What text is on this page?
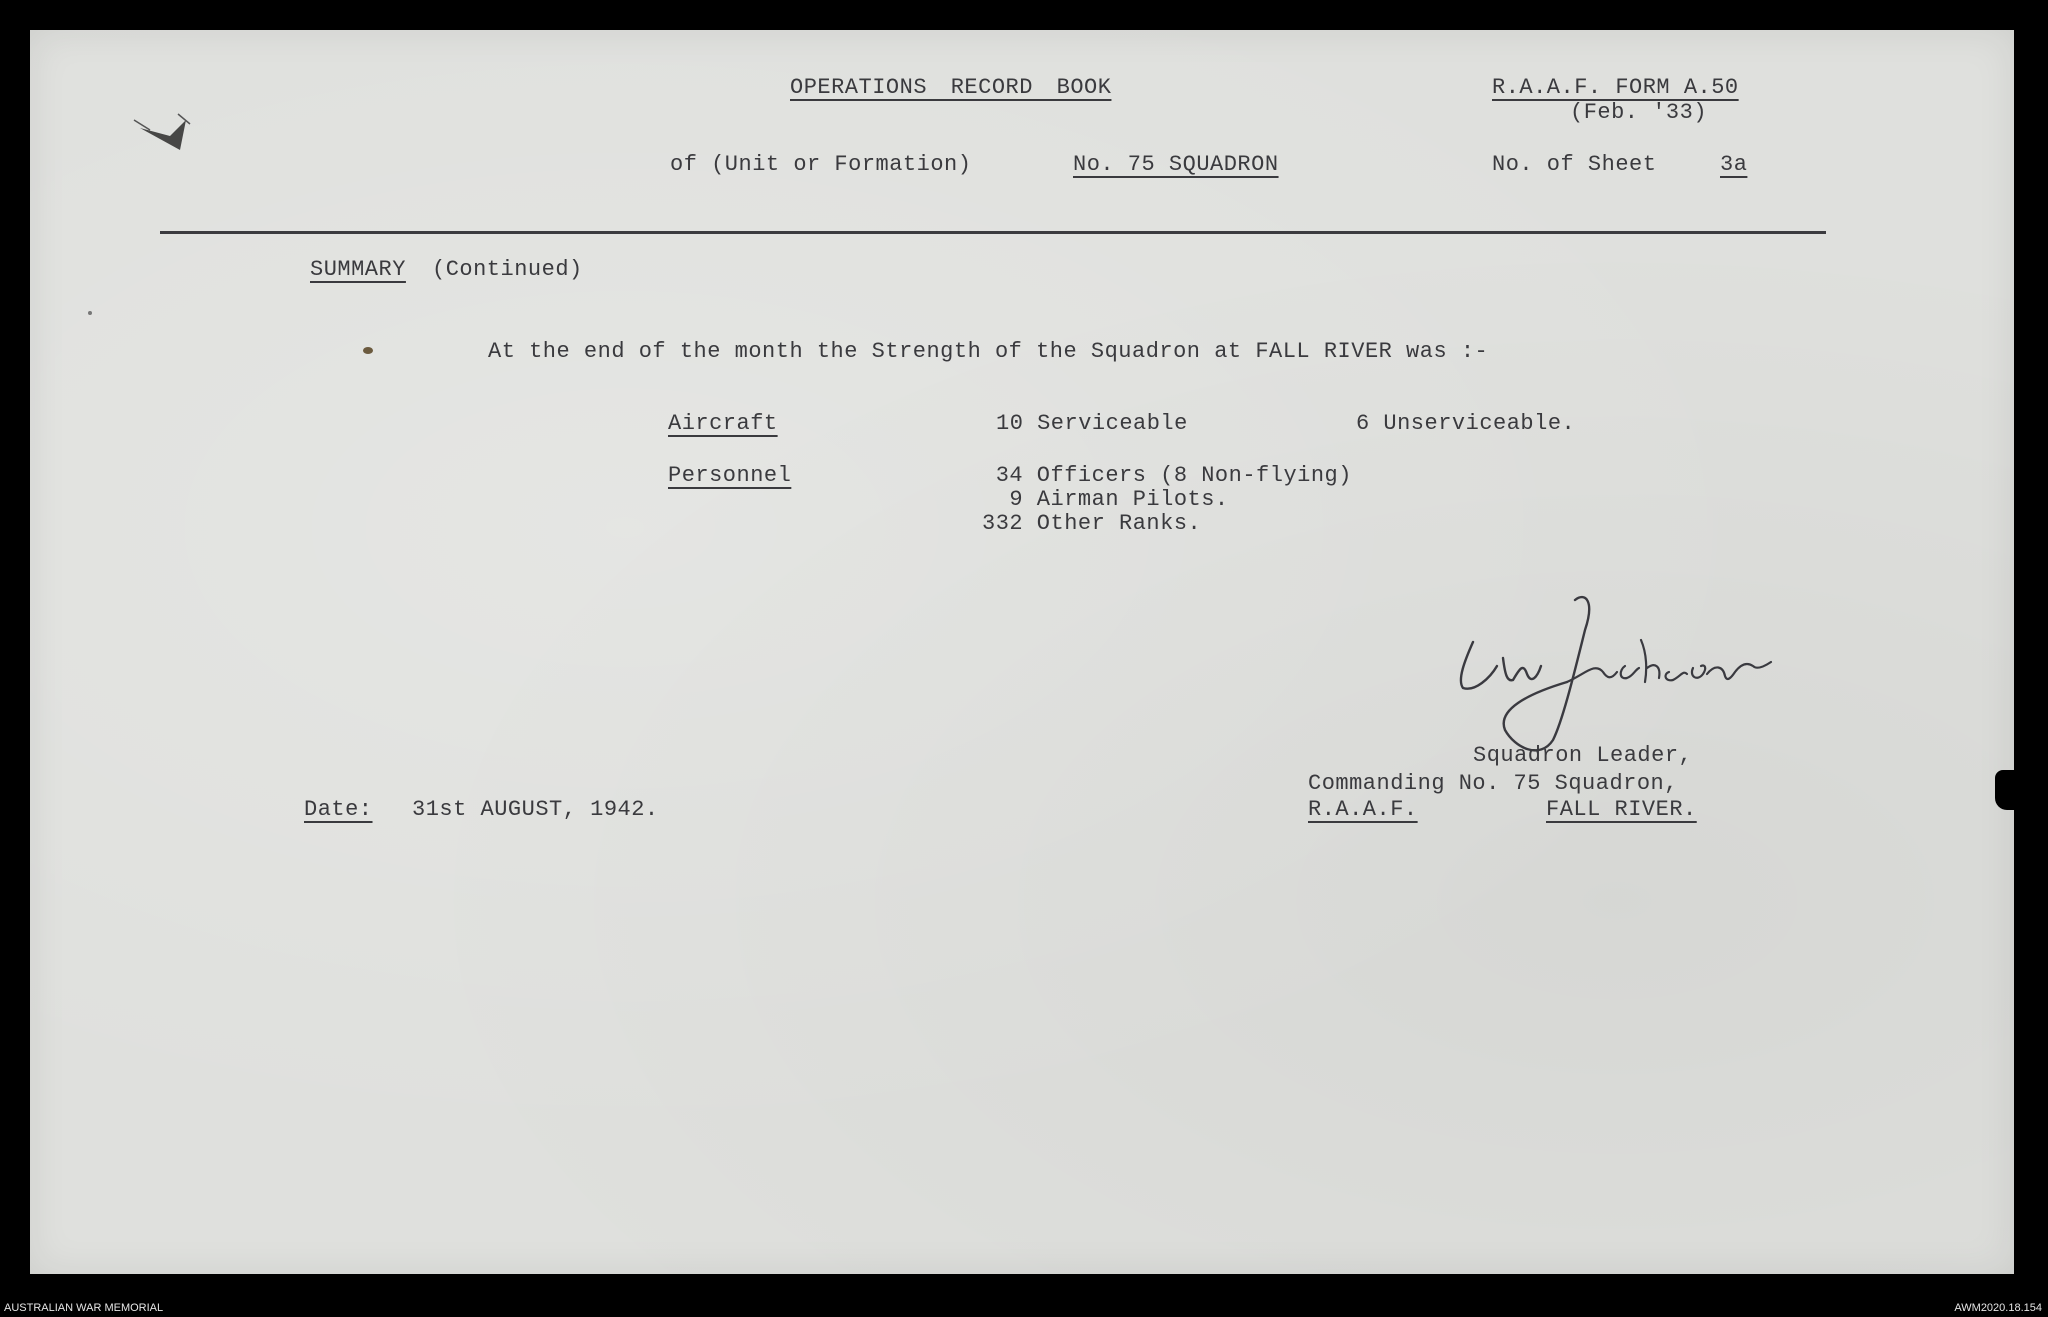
OPERATIONS RECORD BOOK	R.A.A.F. FORM A.50
(Feb. '33)
of (Unit or Formation)	No. 75 SQUADRON	No. of Sheet	3a
SUMMARY (Continued)
At the end of the month the Strength of the Squadron at FALL RIVER was :-
Aircraft	10 Serviceable	6 Unserviceable.
Personnel	34 Officers (8 Non-flying)
9 Airman Pilots.
332 Other Ranks.
Squadron Leader,
Commanding No. 75 Squadron,
R.A.A.F.	FALL RIVER.
Date: 31st AUGUST, 1942.
AUSTRALIAN WAR MEMORIAL	AWM2020.18.154
